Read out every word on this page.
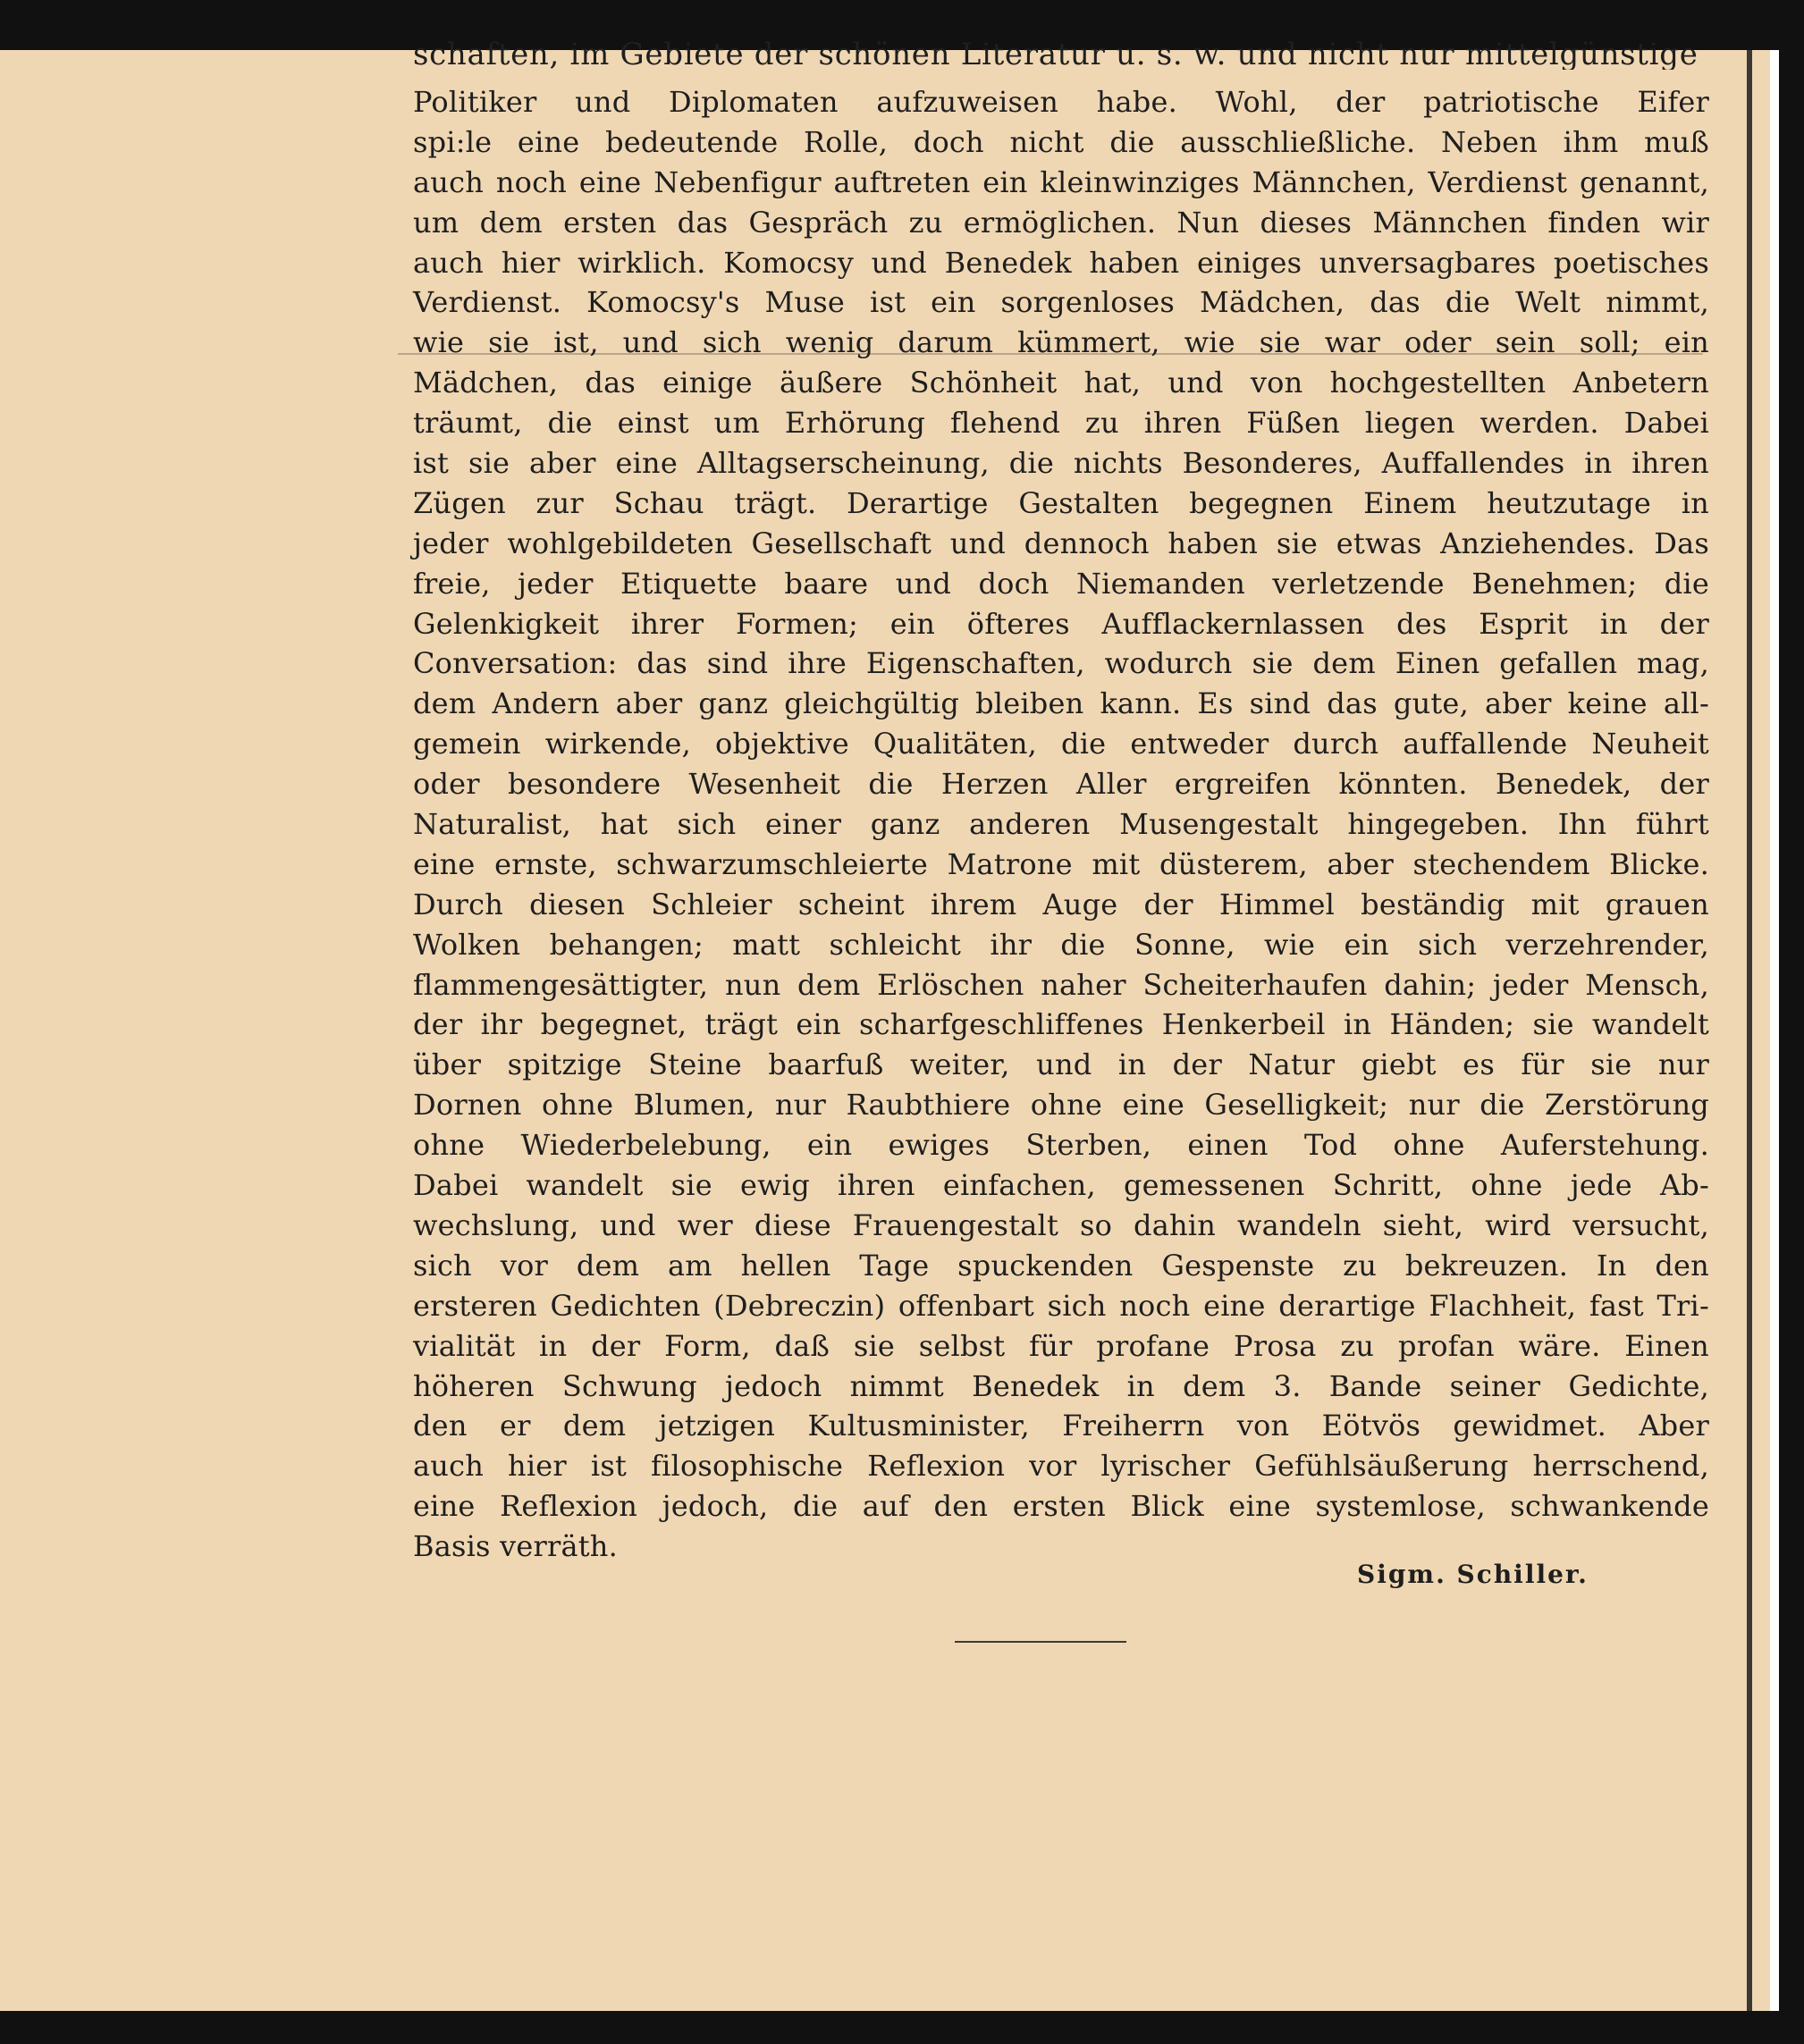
schaften, im Gebiete der schönen Literatur u. s. w. und nicht nur mittelgünstige
Politiker und Diplomaten aufzuweisen habe. Wohl, der patriotische Eifer
spi:le eine bedeutende Rolle, doch nicht die ausschließliche. Neben ihm muß
auch noch eine Nebenfigur auftreten ein kleinwinziges Männchen, Verdienst genannt,
um dem ersten das Gespräch zu ermöglichen. Nun dieses Männchen finden wir
auch hier wirklich. Komocsy und Benedek haben einiges unversagbares poetisches
Verdienst. Komocsy's Muse ist ein sorgenloses Mädchen, das die Welt nimmt,
wie sie ist, und sich wenig darum kümmert, wie sie war oder sein soll; ein
Mädchen, das einige äußere Schönheit hat, und von hochgestellten Anbetern
träumt, die einst um Erhörung flehend zu ihren Füßen liegen werden. Dabei
ist sie aber eine Alltagserscheinung, die nichts Besonderes, Auffallendes in ihren
Zügen zur Schau trägt. Derartige Gestalten begegnen Einem heutzutage in
jeder wohlgebildeten Gesellschaft und dennoch haben sie etwas Anziehendes. Das
freie, jeder Etiquette baare und doch Niemanden verletzende Benehmen; die
Gelenkigkeit ihrer Formen; ein öfteres Aufflackernlassen des Esprit in der
Conversation: das sind ihre Eigenschaften, wodurch sie dem Einen gefallen mag,
dem Andern aber ganz gleichgültig bleiben kann. Es sind das gute, aber keine all-
gemein wirkende, objektive Qualitäten, die entweder durch auffallende Neuheit
oder besondere Wesenheit die Herzen Aller ergreifen könnten. Benedek, der
Naturalist, hat sich einer ganz anderen Musengestalt hingegeben. Ihn führt
eine ernste, schwarzumschleierte Matrone mit düsterem, aber stechendem Blicke.
Durch diesen Schleier scheint ihrem Auge der Himmel beständig mit grauen
Wolken behangen; matt schleicht ihr die Sonne, wie ein sich verzehrender,
flammengesättigter, nun dem Erlöschen naher Scheiterhaufen dahin; jeder Mensch,
der ihr begegnet, trägt ein scharfgeschliffenes Henkerbeil in Händen; sie wandelt
über spitzige Steine baarfuß weiter, und in der Natur giebt es für sie nur
Dornen ohne Blumen, nur Raubthiere ohne eine Geselligkeit; nur die Zerstörung
ohne Wiederbelebung, ein ewiges Sterben, einen Tod ohne Auferstehung.
Dabei wandelt sie ewig ihren einfachen, gemessenen Schritt, ohne jede Ab-
wechslung, und wer diese Frauengestalt so dahin wandeln sieht, wird versucht,
sich vor dem am hellen Tage spuckenden Gespenste zu bekreuzen. In den
ersteren Gedichten (Debreczin) offenbart sich noch eine derartige Flachheit, fast Tri-
vialität in der Form, daß sie selbst für profane Prosa zu profan wäre. Einen
höheren Schwung jedoch nimmt Benedek in dem 3. Bande seiner Gedichte,
den er dem jetzigen Kultusminister, Freiherrn von Eötvös gewidmet. Aber
auch hier ist filosophische Reflexion vor lyrischer Gefühlsäußerung herrschend,
eine Reflexion jedoch, die auf den ersten Blick eine systemlose, schwankende
Basis verräth.
Sigm. Schiller.
